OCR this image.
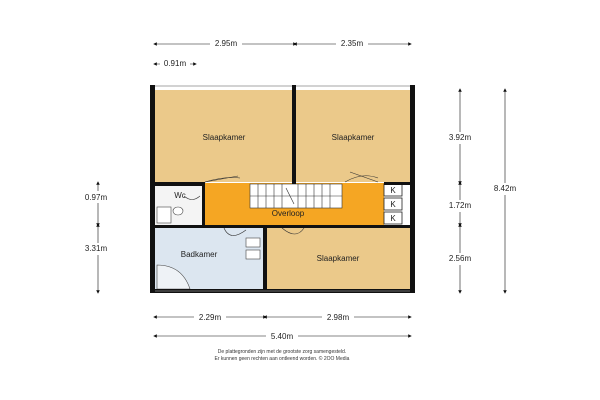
2.95m	2.35m
0.91m
0.97m
3.31m
3.92m
1.72m
2.56m
8.42m
2.29m	2.98m
5.40m
K
K
K
Slaapkamer	Slaapkamer
Overloop
Badkamer	Slaapkamer
Wc
De plattegronden zijn met de grootste zorg samengesteld.
Er kunnen geen rechten aan ontleend worden. © 2OO Media
